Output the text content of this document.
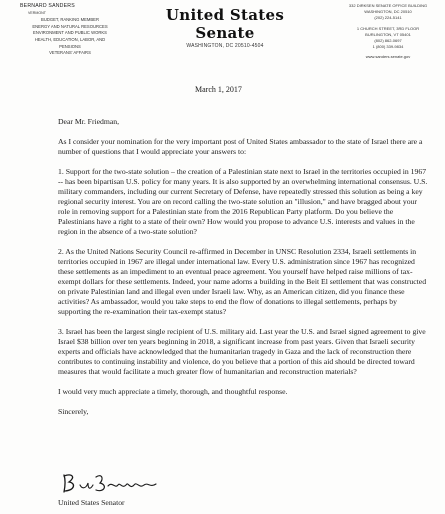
BERNARD SANDERS
VERMONT
BUDGET, RANKING MEMBER
ENERGY AND NATURAL RESOURCES
ENVIRONMENT AND PUBLIC WORKS
HEALTH, EDUCATION, LABOR, AND
PENSIONS
VETERANS' AFFAIRS
United States Senate
WASHINGTON, DC 20510-4504
332 DIRKSEN SENATE OFFICE BUILDING
WASHINGTON, DC 20510
(202) 224-5141
1 CHURCH STREET, 3RD FLOOR
BURLINGTON, VT 05401
(802) 862-0697
1 (800) 339-9834
www.sanders.senate.gov
March 1, 2017

Dear Mr. Friedman,

As I consider your nomination for the very important post of United States ambassador to the state of Israel there are a number of questions that I would appreciate your answers to:

1. Support for the two-state solution – the creation of a Palestinian state next to Israel in the territories occupied in 1967 -- has been bipartisan U.S. policy for many years. It is also supported by an overwhelming international consensus. U.S. military commanders, including our current Secretary of Defense, have repeatedly stressed this solution as being a key regional security interest. You are on record calling the two-state solution an "illusion," and have bragged about your role in removing support for a Palestinian state from the 2016 Republican Party platform. Do you believe the Palestinians have a right to a state of their own? How would you propose to advance U.S. interests and values in the region in the absence of a two-state solution?

2. As the United Nations Security Council re-affirmed in December in UNSC Resolution 2334, Israeli settlements in territories occupied in 1967 are illegal under international law. Every U.S. administration since 1967 has recognized these settlements as an impediment to an eventual peace agreement. You yourself have helped raise millions of tax-exempt dollars for these settlements. Indeed, your name adorns a building in the Beit El settlement that was constructed on private Palestinian land and illegal even under Israeli law. Why, as an American citizen, did you finance these activities? As ambassador, would you take steps to end the flow of donations to illegal settlements, perhaps by supporting the re-examination their tax-exempt status?

3. Israel has been the largest single recipient of U.S. military aid. Last year the U.S. and Israel signed agreement to give Israel $38 billion over ten years beginning in 2018, a significant increase from past years. Given that Israeli security experts and officials have acknowledged that the humanitarian tragedy in Gaza and the lack of reconstruction there contributes to continuing instability and violence, do you believe that a portion of this aid should be directed toward measures that would facilitate a much greater flow of humanitarian and reconstruction materials?

I would very much appreciate a timely, thorough, and thoughtful response.

Sincerely,

United States Senator
